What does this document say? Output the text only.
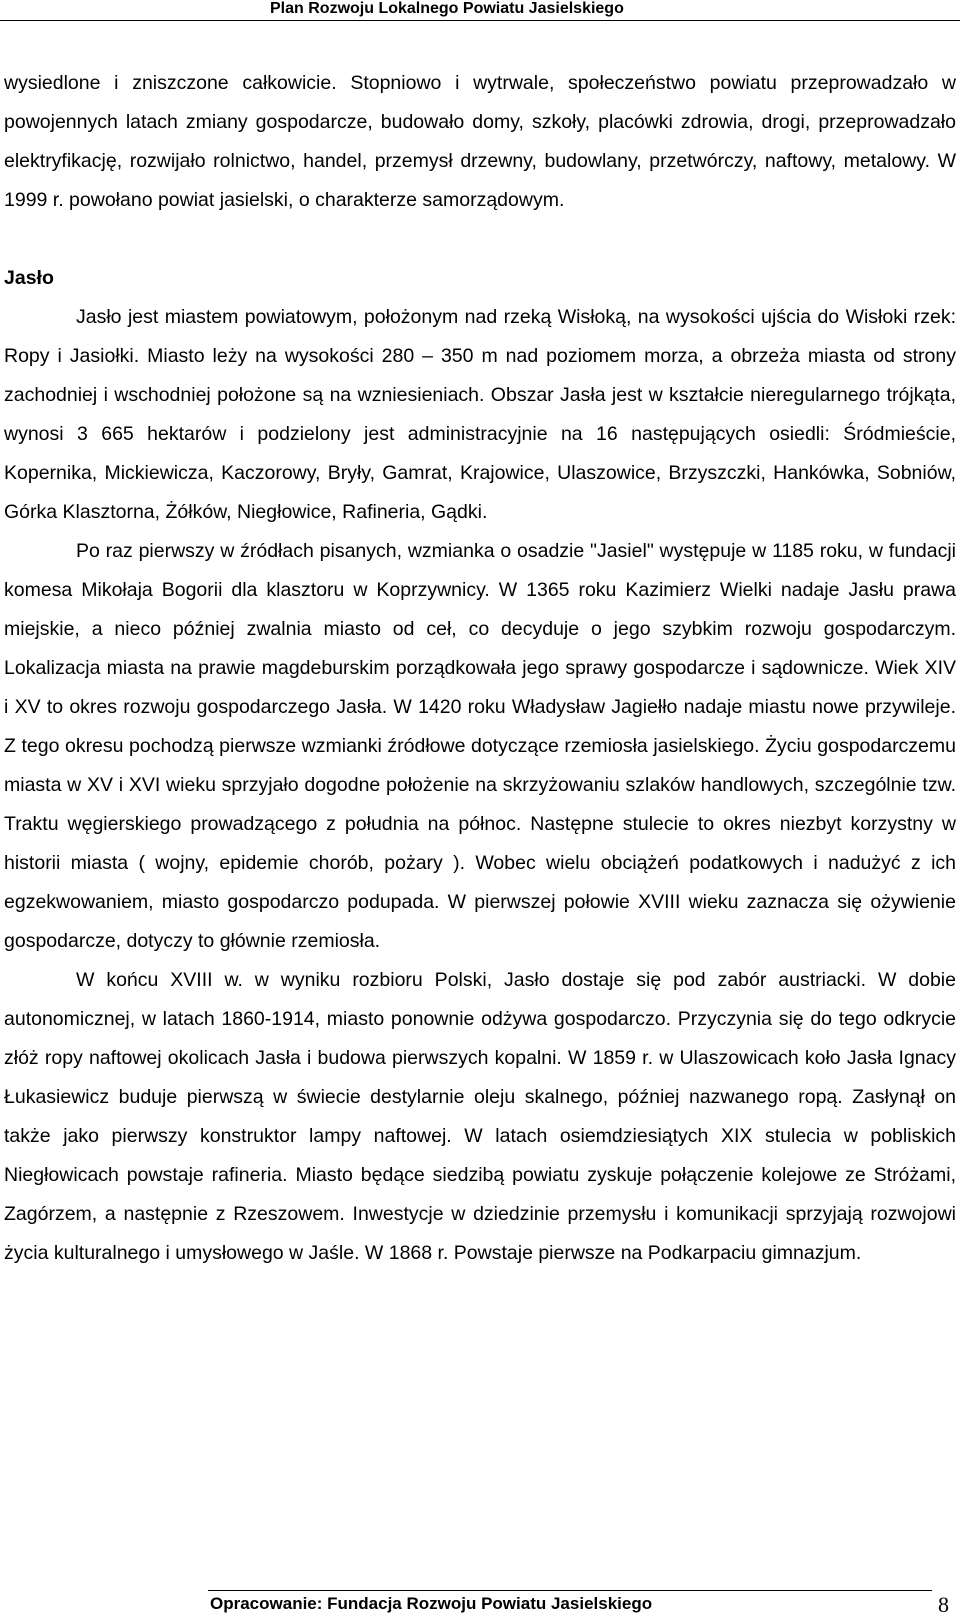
Plan Rozwoju Lokalnego Powiatu Jasielskiego

wysiedlone i zniszczone całkowicie. Stopniowo i wytrwale, społeczeństwo powiatu przeprowadzało w powojennych latach zmiany gospodarcze, budowało domy, szkoły, placówki zdrowia, drogi, przeprowadzało elektryfikację, rozwijało rolnictwo, handel, przemysł drzewny, budowlany, przetwórczy, naftowy, metalowy. W 1999 r. powołano powiat jasielski, o charakterze samorządowym.

Jasło

Jasło jest miastem powiatowym, położonym nad rzeką Wisłoką, na wysokości ujścia do Wisłoki rzek: Ropy i Jasiołki. Miasto leży na wysokości 280 – 350 m nad poziomem morza, a obrzeża miasta od strony zachodniej i wschodniej położone są na wzniesieniach. Obszar Jasła jest w kształcie nieregularnego trójkąta, wynosi 3 665 hektarów i podzielony jest administracyjnie na 16 następujących osiedli: Śródmieście, Kopernika, Mickiewicza, Kaczorowy, Bryły, Gamrat, Krajowice, Ulaszowice, Brzyszczki, Hankówka, Sobniów, Górka Klasztorna, Żółków, Niegłowice, Rafineria, Gądki.

Po raz pierwszy w źródłach pisanych, wzmianka o osadzie "Jasiel" występuje w 1185 roku, w fundacji komesa Mikołaja Bogorii dla klasztoru w Koprzywnicy. W 1365 roku Kazimierz Wielki nadaje Jasłu prawa miejskie, a nieco później zwalnia miasto od ceł, co decyduje o jego szybkim rozwoju gospodarczym. Lokalizacja miasta na prawie magdeburskim porządkowała jego sprawy gospodarcze i sądownicze. Wiek XIV i XV to okres rozwoju gospodarczego Jasła. W 1420 roku Władysław Jagiełło nadaje miastu nowe przywileje. Z tego okresu pochodzą pierwsze wzmianki źródłowe dotyczące rzemiosła jasielskiego. Życiu gospodarczemu miasta w XV i XVI wieku sprzyjało dogodne położenie na skrzyżowaniu szlaków handlowych, szczególnie tzw. Traktu węgierskiego prowadzącego z południa na północ. Następne stulecie to okres niezbyt korzystny w historii miasta ( wojny, epidemie chorób, pożary ). Wobec wielu obciążeń podatkowych i nadużyć z ich egzekwowaniem, miasto gospodarczo podupada. W pierwszej połowie XVIII wieku zaznacza się ożywienie gospodarcze, dotyczy to głównie rzemiosła.

W końcu XVIII w. w wyniku rozbioru Polski, Jasło dostaje się pod zabór austriacki. W dobie autonomicznej, w latach 1860-1914, miasto ponownie odżywa gospodarczo. Przyczynia się do tego odkrycie złóż ropy naftowej okolicach Jasła i budowa pierwszych kopalni. W 1859 r. w Ulaszowicach koło Jasła Ignacy Łukasiewicz buduje pierwszą w świecie destylarnie oleju skalnego, później nazwanego ropą. Zasłynął on także jako pierwszy konstruktor lampy naftowej. W latach osiemdziesiątych XIX stulecia w pobliskich Niegłowicach powstaje rafineria. Miasto będące siedzibą powiatu zyskuje połączenie kolejowe ze Stróżami, Zagórzem, a następnie z Rzeszowem. Inwestycje w dziedzinie przemysłu i komunikacji sprzyjają rozwojowi życia kulturalnego i umysłowego w Jaśle. W 1868 r. Powstaje pierwsze na Podkarpaciu gimnazjum.

Opracowanie: Fundacja Rozwoju Powiatu Jasielskiego	8
